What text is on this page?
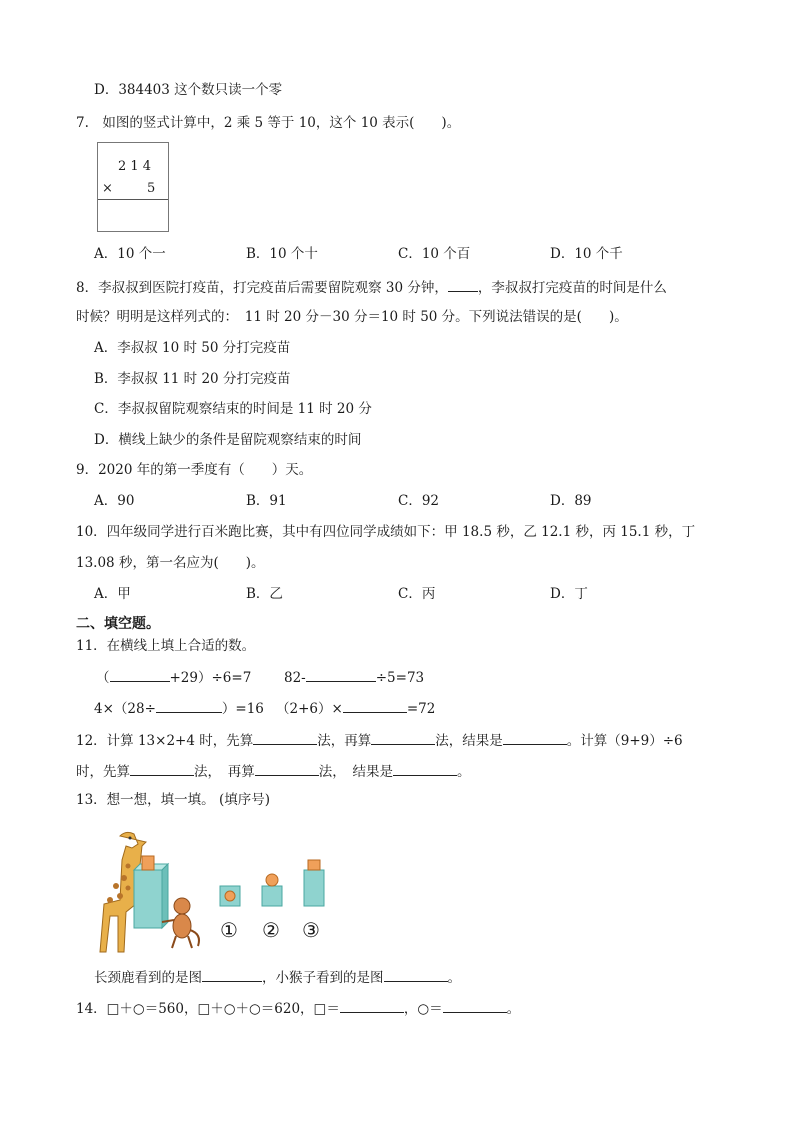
D．384403 这个数只读一个零
7.　如图的竖式计算中，2 乘 5 等于 10，这个 10 表示(　　)。
2 1 4
×	5
A．10 个一	B．10 个十	C．10 个百	D．10 个千
8．李叔叔到医院打疫苗，打完疫苗后需要留院观察 30 分钟， ，李叔叔打完疫苗的时间是什么
时候？明明是这样列式的：　11 时 20 分－30 分＝10 时 50 分。下列说法错误的是(　　)。
A．李叔叔 10 时 50 分打完疫苗
B．李叔叔 11 时 20 分打完疫苗
C．李叔叔留院观察结束的时间是 11 时 20 分
D．横线上缺少的条件是留院观察结束的时间
9．2020 年的第一季度有（　　）天。
A．90	B．91	C．92	D．89
10．四年级同学进行百米跑比赛，其中有四位同学成绩如下：甲 18.5 秒，乙 12.1 秒，丙 15.1 秒，丁
13.08 秒，第一名应为(　　)。
A．甲	B．乙	C．丙	D．丁
二、填空题。
11．在横线上填上合适的数。
（	+29）÷6=7 82-	÷5=73
4×（28÷	）=16 （2+6）×	=72
12．计算 13×2+4 时，先算	法，再算	法，结果是	。计算（9+9）÷6
时，先算	法，　再算	法，　结果是	。
13．想一想，填一填。 (填序号)
① ② ③
长颈鹿看到的是图	，小猴子看到的是图	。
14．□＋○＝560，□＋○＋○＝620，□＝	，○＝	。
